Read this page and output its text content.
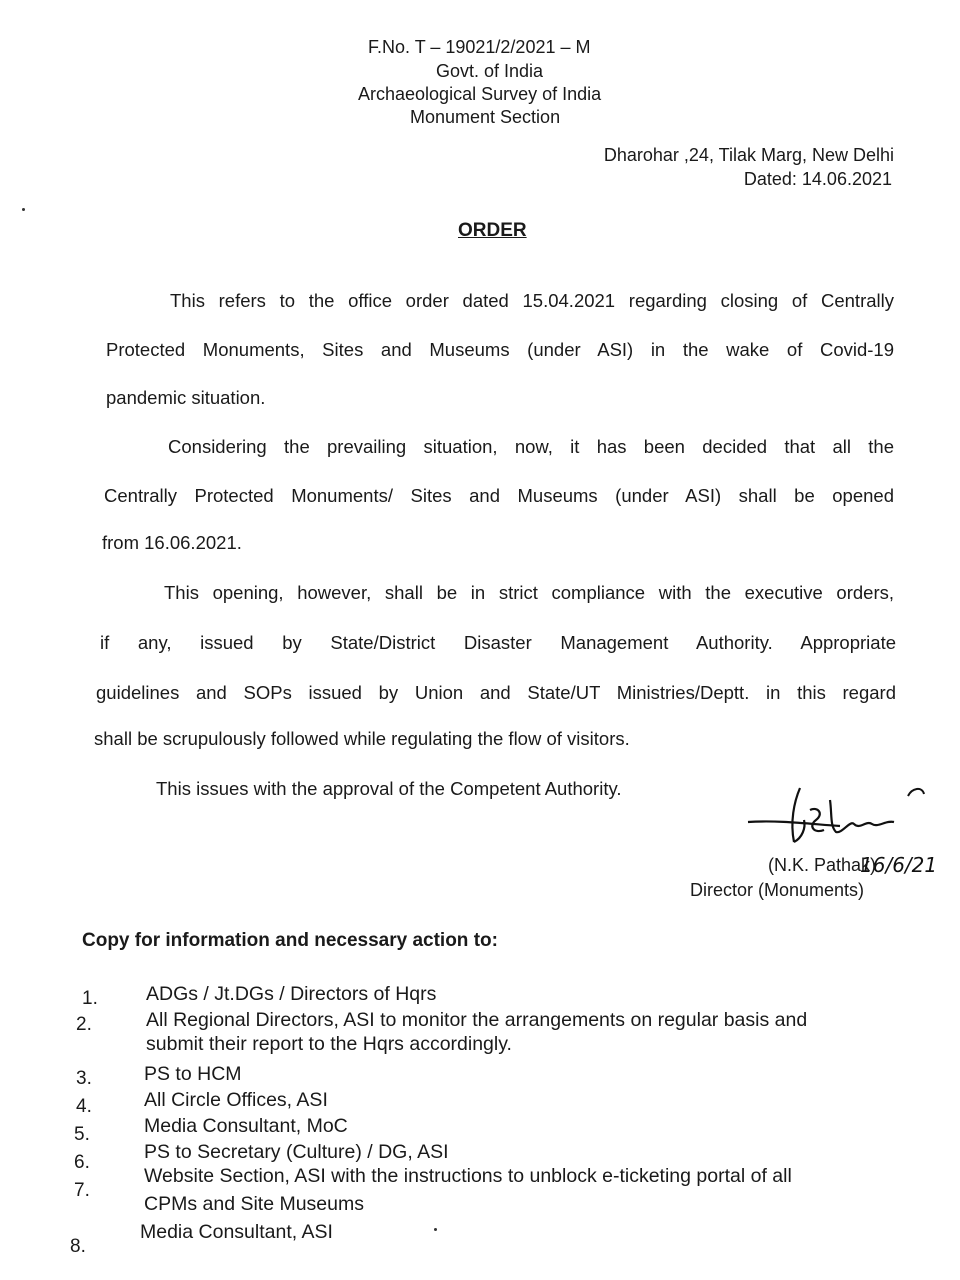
F.No. T – 19021/2/2021 – M
Govt. of India
Archaeological Survey of India
Monument Section
Dharohar ,24, Tilak Marg, New Delhi
Dated: 14.06.2021
ORDER
This refers to the office order dated 15.04.2021 regarding closing of Centrally
Protected Monuments, Sites and Museums (under ASI) in the wake of Covid-19
pandemic situation.
Considering the prevailing situation, now, it has been decided that all the
Centrally Protected Monuments/ Sites and Museums (under ASI) shall be opened
from 16.06.2021.
This opening, however, shall be in strict compliance with the executive orders,
if any, issued by State/District Disaster Management Authority. Appropriate
guidelines and SOPs issued by Union and State/UT Ministries/Deptt. in this regard
shall be scrupulously followed while regulating the flow of visitors.
This issues with the approval of the Competent Authority.
16/6/21
(N.K. Pathak)
Director (Monuments)
Copy for information and necessary action to:
1.	ADGs / Jt.DGs / Directors of Hqrs
2.	All Regional Directors, ASI to monitor the arrangements on regular basis and
submit their report to the Hqrs accordingly.
3.	PS to HCM
4.	All Circle Offices, ASI
5.	Media Consultant, MoC
6.	PS to Secretary (Culture) / DG, ASI
7.
Website Section, ASI with the instructions to unblock e-ticketing portal of all
CPMs and Site Museums
8.
Media Consultant, ASI
